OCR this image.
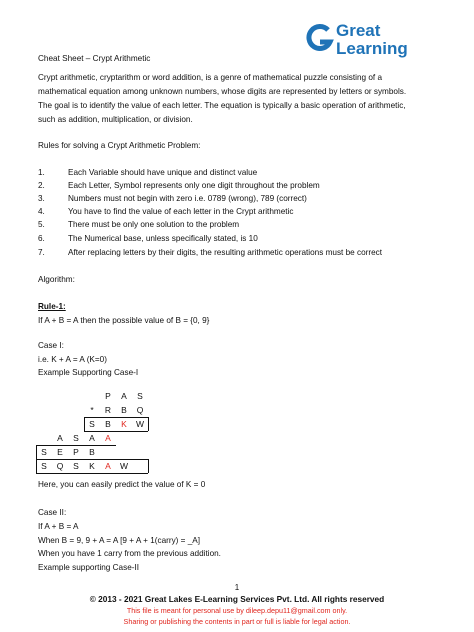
Great
Learning
Cheat Sheet – Crypt Arithmetic
Crypt arithmetic, cryptarithm or word addition, is a genre of mathematical puzzle consisting of a
mathematical equation among unknown numbers, whose digits are represented by letters or symbols.
The goal is to identify the value of each letter. The equation is typically a basic operation of arithmetic,
such as addition, multiplication, or division.
Rules for solving a Crypt Arithmetic Problem:
1.	Each Variable should have unique and distinct value
2.	Each Letter, Symbol represents only one digit throughout the problem
3.	Numbers must not begin with zero i.e. 0789 (wrong), 789 (correct)
4.	You have to find the value of each letter in the Crypt arithmetic
5.	There must be only one solution to the problem
6.	The Numerical base, unless specifically stated, is 10
7.	After replacing letters by their digits, the resulting arithmetic operations must be correct
Algorithm:
Rule-1:
If A + B = A then the possible value of B = {0, 9}
Case I:
i.e. K + A = A (K=0)
Example Supporting Case-I
P	A	S
*	R	B	Q
S	B	K	W
A	S	A	A
S	E	P	B
S	Q	S	K	A	W
Here, you can easily predict the value of K = 0
Case II:
If A + B = A
When B = 9, 9 + A = A [9 + A + 1(carry) = _A]
When you have 1 carry from the previous addition.
Example supporting Case-II
1
© 2013 - 2021 Great Lakes E-Learning Services Pvt. Ltd. All rights reserved
This file is meant for personal use by dileep.depu11@gmail.com only.
Sharing or publishing the contents in part or full is liable for legal action.
